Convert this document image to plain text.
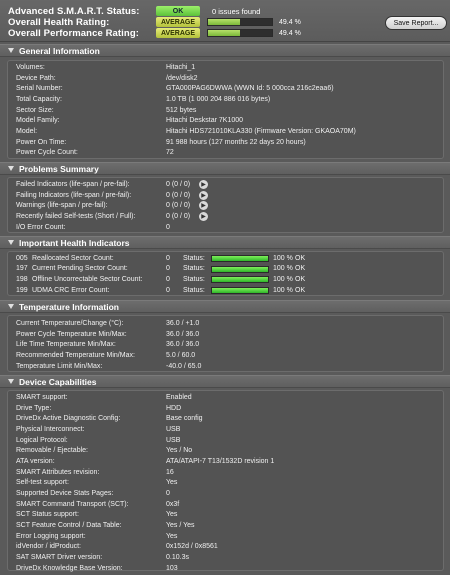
Advanced S.M.A.R.T. Status:	OK	0 issues found
Overall Health Rating:	AVERAGE	49.4 %
Overall Performance Rating:	AVERAGE	49.4 %
Save Report...
General Information
Volumes:	Hitachi_1
Device Path:	/dev/disk2
Serial Number:	GTA000PAG6DWWA (WWN Id: 5 000cca 216c2eaa6)
Total Capacity:	1.0 TB (1 000 204 886 016 bytes)
Sector Size:	512 bytes
Model Family:	Hitachi Deskstar 7K1000
Model:	Hitachi HDS721010KLA330 (Firmware Version: GKAOA70M)
Power On Time:	91 988 hours (127 months 22 days 20 hours)
Power Cycle Count:	72
Problems Summary
Failed Indicators (life-span / pre-fail):	0 (0 / 0)	▶
Failing Indicators (life-span / pre-fail):	0 (0 / 0)	▶
Warnings (life-span / pre-fail):	0 (0 / 0)	▶
Recently failed Self-tests (Short / Full):	0 (0 / 0)	▶
I/O Error Count:	0
Important Health Indicators
005 Reallocated Sector Count:	0 Status:	100 % OK
197 Current Pending Sector Count:	0 Status:	100 % OK
198 Offline Uncorrectable Sector Count:	0 Status:	100 % OK
199 UDMA CRC Error Count:	0 Status:	100 % OK
Temperature Information
Current Temperature/Change (°C):	36.0 / +1.0
Power Cycle Temperature Min/Max:	36.0 / 36.0
Life Time Temperature Min/Max:	36.0 / 36.0
Recommended Temperature Min/Max:	5.0 / 60.0
Temperature Limit Min/Max:	-40.0 / 65.0
Device Capabilities
SMART support:	Enabled
Drive Type:	HDD
DriveDx Active Diagnostic Config:	Base config
Physical Interconnect:	USB
Logical Protocol:	USB
Removable / Ejectable:	Yes / No
ATA version:	ATA/ATAPI-7 T13/1532D revision 1
SMART Attributes revision:	16
Self-test support:	Yes
Supported Device Stats Pages:	0
SMART Command Transport (SCT):	0x3f
SCT Status support:	Yes
SCT Feature Control / Data Table:	Yes / Yes
Error Logging support:	Yes
idVendor / idProduct:	0x152d / 0x8561
SAT SMART Driver version:	0.10.3s
DriveDx Knowledge Base Version:	103
